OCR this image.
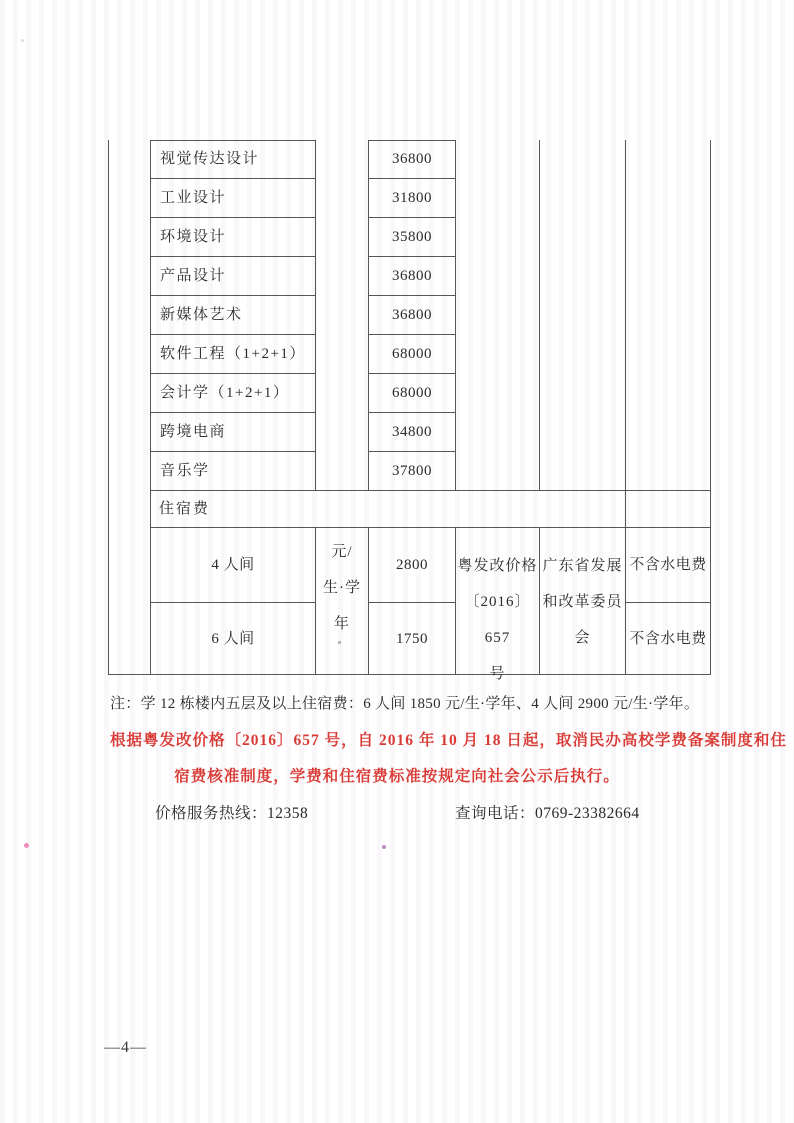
视觉传达设计
工业设计
环境设计
产品设计
新媒体艺术
软件工程（1+2+1）
会计学（1+2+1）
跨境电商
音乐学
36800
31800
35800
36800
36800
68000
68000
34800
37800
住宿费
4 人间
6 人间
元/
生·学
年
2800
1750
粤发改价格
〔2016〕657
号
广东省发展
和改革委员
会
不含水电费
不含水电费
注：学 12 栋楼内五层及以上住宿费：6 人间 1850 元/生·学年、4 人间 2900 元/生·学年。
根据粤发改价格〔2016〕657 号，自 2016 年 10 月 18 日起，取消民办高校学费备案制度和住
宿费核准制度，学费和住宿费标准按规定向社会公示后执行。
价格服务热线：12358	查询电话：0769-23382664
—4—
